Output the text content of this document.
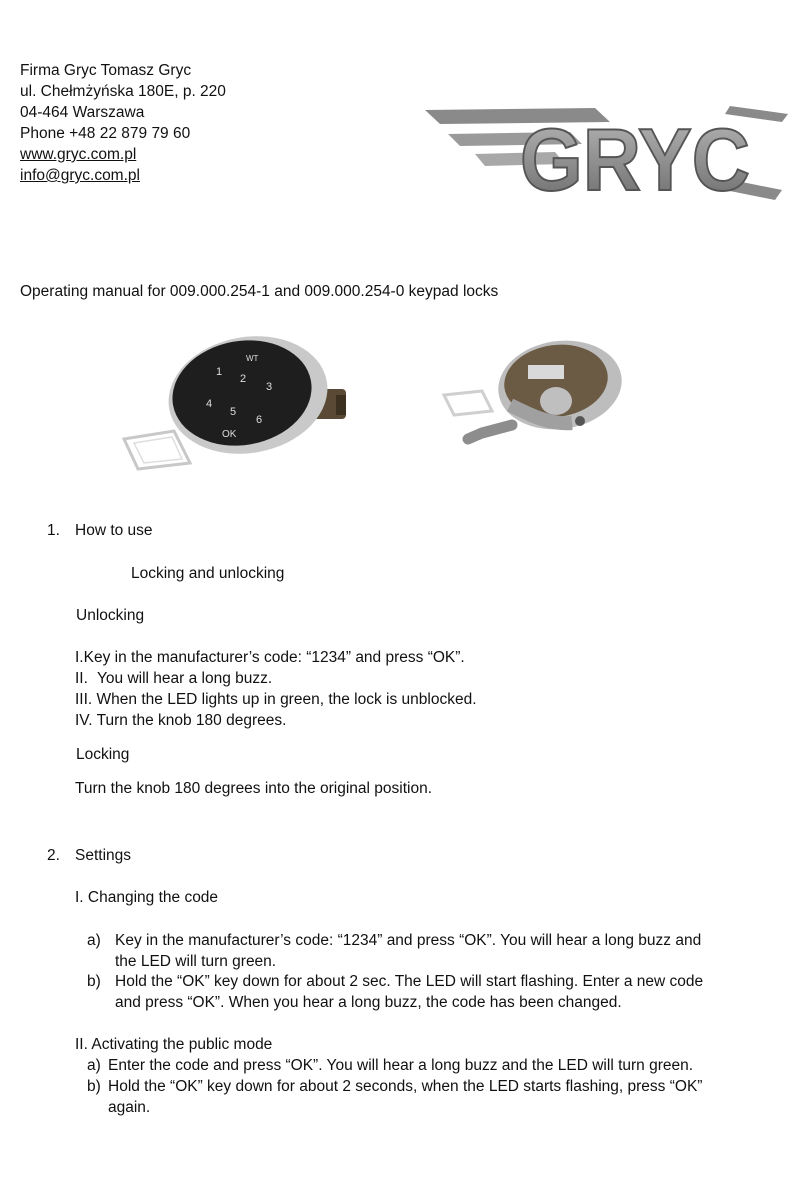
Firma Gryc Tomasz Gryc
ul. Chełmżyńska 180E, p. 220
04-464 Warszawa
Phone +48 22 879 79 60
www.gryc.com.pl
info@gryc.com.pl	GRYC
Operating manual for 009.000.254-1 and 009.000.254-0 keypad locks
WT
1
2
3
4
5
6
OK
1. How to use
Locking and unlocking
Unlocking
I.Key in the manufacturer’s code: “1234” and press “OK”.
II. You will hear a long buzz.
III. When the LED lights up in green, the lock is unblocked.
IV. Turn the knob 180 degrees.
Locking
Turn the knob 180 degrees into the original position.
2. Settings
I. Changing the code
a) Key in the manufacturer’s code: “1234” and press “OK”. You will hear a long buzz and
the LED will turn green.
b) Hold the “OK” key down for about 2 sec. The LED will start flashing. Enter a new code
and press “OK”. When you hear a long buzz, the code has been changed.
II. Activating the public mode
a) Enter the code and press “OK”. You will hear a long buzz and the LED will turn green.
b) Hold the “OK” key down for about 2 seconds, when the LED starts flashing, press “OK”
again.
